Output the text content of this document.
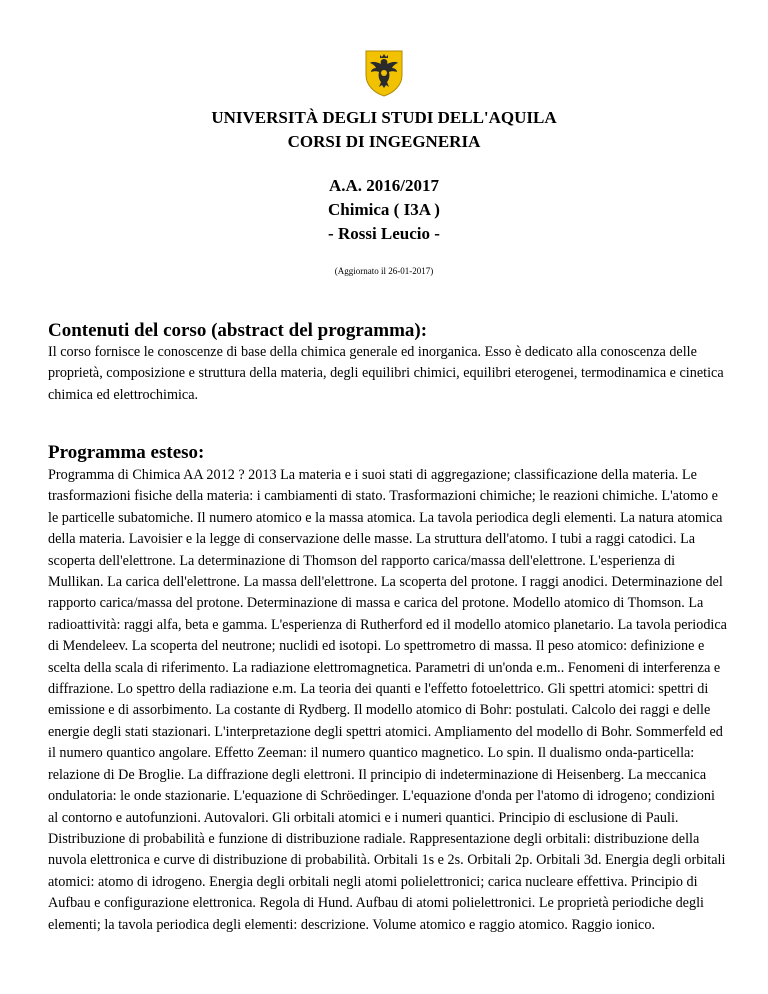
UNIVERSITÀ DEGLI STUDI DELL'AQUILA
CORSI DI INGEGNERIA
A.A. 2016/2017
Chimica ( I3A )
- Rossi Leucio -
(Aggiornato il 26-01-2017)
Contenuti del corso (abstract del programma):

Il corso fornisce le conoscenze di base della chimica generale ed inorganica. Esso è dedicato alla conoscenza delle proprietà, composizione e struttura della materia, degli equilibri chimici, equilibri eterogenei, termodinamica e cinetica chimica ed elettrochimica.

Programma esteso:

Programma di Chimica AA 2012 ? 2013 La materia e i suoi stati di aggregazione; classificazione della materia. Le trasformazioni fisiche della materia: i cambiamenti di stato. Trasformazioni chimiche; le reazioni chimiche. L'atomo e le particelle subatomiche. Il numero atomico e la massa atomica. La tavola periodica degli elementi. La natura atomica della materia. Lavoisier e la legge di conservazione delle masse. La struttura dell'atomo. I tubi a raggi catodici. La scoperta dell'elettrone. La determinazione di Thomson del rapporto carica/massa dell'elettrone. L'esperienza di Mullikan. La carica dell'elettrone. La massa dell'elettrone. La scoperta del protone. I raggi anodici. Determinazione del rapporto carica/massa del protone. Determinazione di massa e carica del protone. Modello atomico di Thomson. La radioattività: raggi alfa, beta e gamma. L'esperienza di Rutherford ed il modello atomico planetario. La tavola periodica di Mendeleev. La scoperta del neutrone; nuclidi ed isotopi. Lo spettrometro di massa. Il peso atomico: definizione e scelta della scala di riferimento. La radiazione elettromagnetica. Parametri di un'onda e.m.. Fenomeni di interferenza e diffrazione. Lo spettro della radiazione e.m. La teoria dei quanti e l'effetto fotoelettrico. Gli spettri atomici: spettri di emissione e di assorbimento. La costante di Rydberg. Il modello atomico di Bohr: postulati. Calcolo dei raggi e delle energie degli stati stazionari. L'interpretazione degli spettri atomici. Ampliamento del modello di Bohr. Sommerfeld ed il numero quantico angolare. Effetto Zeeman: il numero quantico magnetico. Lo spin. Il dualismo onda-particella: relazione di De Broglie. La diffrazione degli elettroni. Il principio di indeterminazione di Heisenberg. La meccanica ondulatoria: le onde stazionarie. L'equazione di Schröedinger. L'equazione d'onda per l'atomo di idrogeno; condizioni al contorno e autofunzioni. Autovalori. Gli orbitali atomici e i numeri quantici. Principio di esclusione di Pauli. Distribuzione di probabilità e funzione di distribuzione radiale. Rappresentazione degli orbitali: distribuzione della nuvola elettronica e curve di distribuzione di probabilità. Orbitali 1s e 2s. Orbitali 2p. Orbitali 3d. Energia degli orbitali atomici: atomo di idrogeno. Energia degli orbitali negli atomi polielettronici; carica nucleare effettiva. Principio di Aufbau e configurazione elettronica. Regola di Hund. Aufbau di atomi polielettronici. Le proprietà periodiche degli elementi; la tavola periodica degli elementi: descrizione. Volume atomico e raggio atomico. Raggio ionico.
